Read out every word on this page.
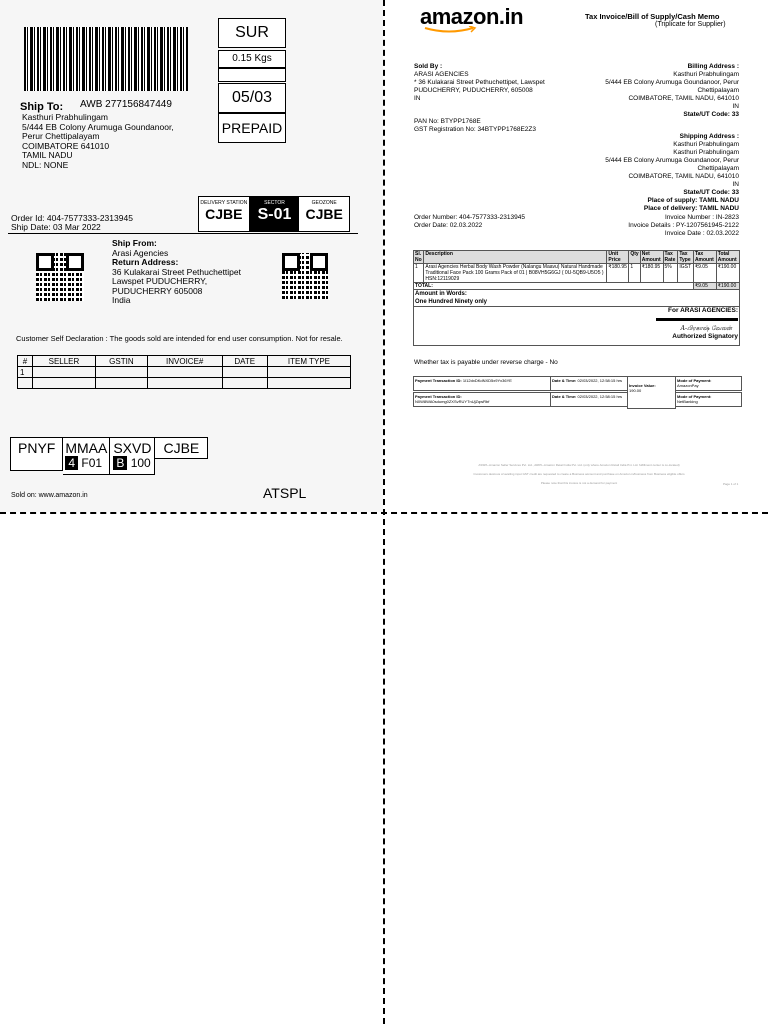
SUR
0.15 Kgs
05/03
PREPAID
Ship To: AWB 277156847449
Kasthuri Prabhulingam
5/444 EB Colony Arumuga Goundanoor,
Perur Chettipalayam
COIMBATORE 641010
TAMIL NADU
NDL: NONE
DELIVERY STATION
CJBE
SECTOR
S-01
GEOZONE
CJBE
Order Id: 404-7577333-2313945
Ship Date: 03 Mar 2022
Ship From:
Arasi Agencies
Return Address:
36 Kulakarai Street Pethuchettipet
Lawspet PUDUCHERRY,
PUDUCHERRY 605008
India
Customer Self Declaration : The goods sold are intended for end user consumption. Not for resale.
#	SELLER	GSTIN	INVOICE#	DATE	ITEM TYPE
1					

PNYF MMAA
4 F01
SXVD
B 100
CJBE
Sold on: www.amazon.in	ATSPL
amazon.in	Tax Invoice/Bill of Supply/Cash Memo
(Triplicate for Supplier)
Sold By :
ARASI AGENCIES
* 36 Kulakarai Street Pethuchettipet, Lawspet
PUDUCHERRY, PUDUCHERRY, 605008
IN
PAN No: BTYPP1768E
GST Registration No: 34BTYPP1768E2Z3
Billing Address :
Kasthuri Prabhulingam
5/444 EB Colony Arumuga Goundanoor, Perur
Chettipalayam
COIMBATORE, TAMIL NADU, 641010
IN
State/UT Code: 33
Shipping Address :
Kasthuri Prabhulingam
Kasthuri Prabhulingam
5/444 EB Colony Arumuga Goundanoor, Perur
Chettipalayam
COIMBATORE, TAMIL NADU, 641010
IN
State/UT Code: 33
Place of supply: TAMIL NADU
Place of delivery: TAMIL NADU
Order Number: 404-7577333-2313945
Order Date: 02.03.2022
Invoice Number : IN-2823
Invoice Details : PY-1207561945-2122
Invoice Date : 02.03.2022
Sl. No	Description	Unit Price	Qty	Net Amount	Tax Rate	Tax Type	Tax Amount	Total Amount
1	Arasi Agencies Herbal Body Wash Powder (Nalangu Maavu) Natural Handmade Traditional Face Pack 100 Grams Pack of 01 | B08VH5G6GJ ( 0U-5QB9-U5O5 ) HSN:12119029	₹180.95	1	₹180.95	5%	IGST	₹9.05	₹190.00
TOTAL:							₹9.05	₹190.00

Amount in Words:
One Hundred Ninety only								

For ARASI AGENCIES:
A-பிரகாஷ் வேலன்
Authorized Signatory								
Whether tax is payable under reverse charge - No
Payment Transaction ID: 1I12dxDKdNXD5x9Yx36YE	Date & Time: 02/03/2022, 12:58:15 hrs

Invoice Value:
190.00
Mode of Payment:
AmazonPay
Payment Transaction ID:
N0W8WA0sdumg0ZXSvRUYTnUjZqwRbf
Date & Time: 02/03/2022, 12:58:15 hrs	Mode of Payment:
NetBanking
ASSPL-Amazon Seller Services Pvt. Ltd., ARIPL-Amazon Retail India Pvt. Ltd. (only where Amazon Retail India Pvt. Ltd. fulfillment center is co-located)
Customers desirous of availing input GST credit are requested to create a Business account and purchase on Amazon.in/business from Business eligible offers
Please note that this invoice is not a demand for payment	Page 1 of 1
